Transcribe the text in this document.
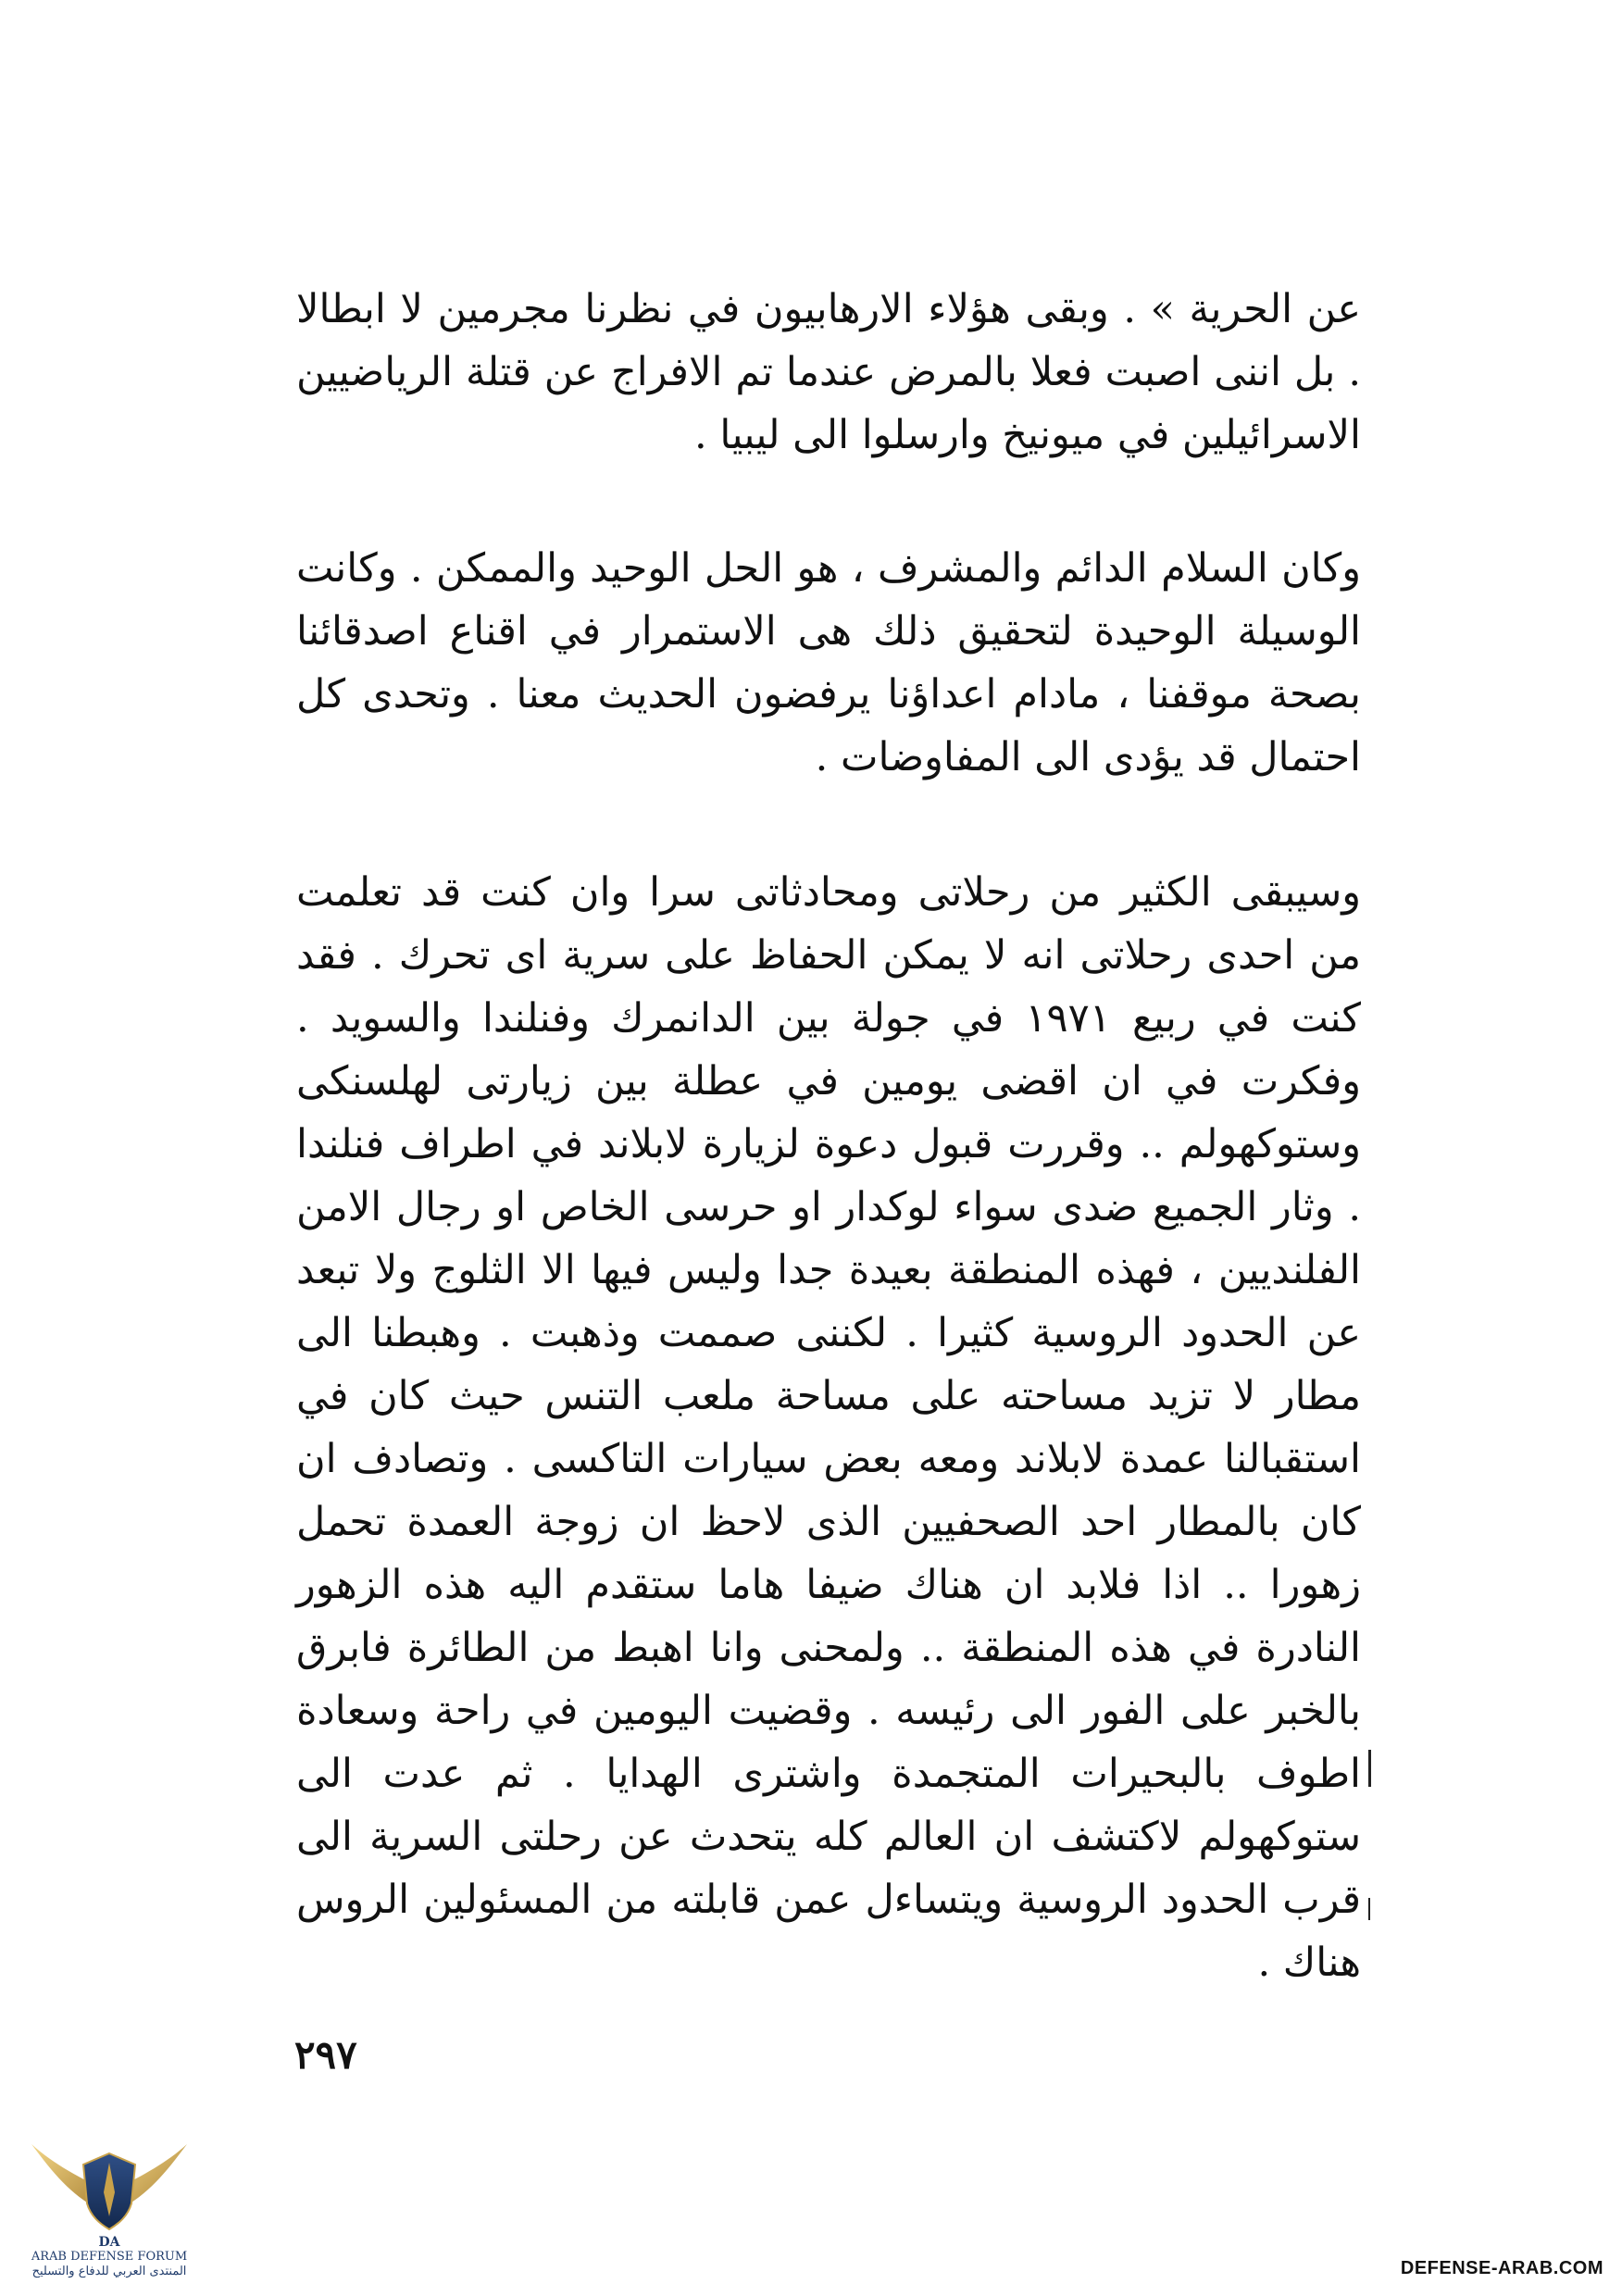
عن الحرية » . وبقى هؤلاء الارهابيون في نظرنا مجرمين لا ابطالا . بل اننى اصبت فعلا بالمرض عندما تم الافراج عن قتلة الرياضيين الاسرائيلين في ميونيخ وارسلوا الى ليبيا .
وكان السلام الدائم والمشرف ، هو الحل الوحيد والممكن . وكانت الوسيلة الوحيدة لتحقيق ذلك هى الاستمرار في اقناع اصدقائنا بصحة موقفنا ، مادام اعداؤنا يرفضون الحديث معنا . وتحدى كل احتمال قد يؤدى الى المفاوضات .
وسيبقى الكثير من رحلاتى ومحادثاتى سرا وان كنت قد تعلمت من احدى رحلاتى انه لا يمكن الحفاظ على سرية اى تحرك . فقد كنت في ربيع ١٩٧١ في جولة بين الدانمرك وفنلندا والسويد . وفكرت في ان اقضى يومين في عطلة بين زيارتى لهلسنكى وستوكهولم .. وقررت قبول دعوة لزيارة لابلاند في اطراف فنلندا . وثار الجميع ضدى سواء لوكدار او حرسى الخاص او رجال الامن الفلنديين ، فهذه المنطقة بعيدة جدا وليس فيها الا الثلوج ولا تبعد عن الحدود الروسية كثيرا . لكننى صممت وذهبت . وهبطنا الى مطار لا تزيد مساحته على مساحة ملعب التنس حيث كان في استقبالنا عمدة لابلاند ومعه بعض سيارات التاكسى . وتصادف ان كان بالمطار احد الصحفيين الذى لاحظ ان زوجة العمدة تحمل زهورا .. اذا فلابد ان هناك ضيفا هاما ستقدم اليه هذه الزهور النادرة في هذه المنطقة .. ولمحنى وانا اهبط من الطائرة فابرق بالخبر على الفور الى رئيسه . وقضيت اليومين في راحة وسعادة اطوف بالبحيرات المتجمدة واشترى الهدايا . ثم عدت الى ستوكهولم لاكتشف ان العالم كله يتحدث عن رحلتى السرية الى قرب الحدود الروسية ويتساءل عمن قابلته من المسئولين الروس هناك .
٢٩٧
DA
ARAB DEFENSE FORUM
المنتدى العربي للدفاع والتسليح	DEFENSE-ARAB.COM
